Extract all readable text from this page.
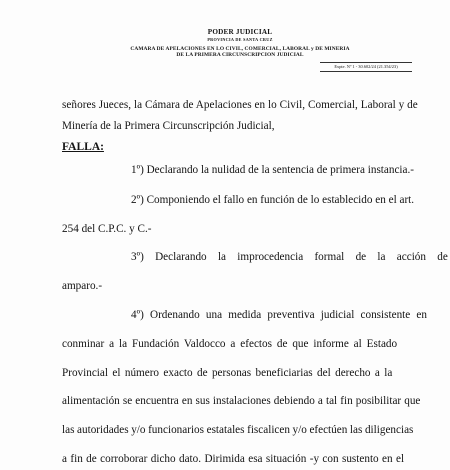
PODER JUDICIAL
PROVINCIA DE SANTA CRUZ
CAMARA DE APELACIONES EN LO CIVIL, COMERCIAL, LABORAL y DE MINERIA
DE LA PRIMERA CIRCUNSCRIPCION JUDICIAL
Expte. Nº 1 - 30.602/24 (21.354/23)
señores Jueces, la Cámara de Apelaciones en lo Civil, Comercial, Laboral y de
Minería de la Primera Circunscripción Judicial,
FALLA:
1º) Declarando la nulidad de la sentencia de primera instancia.-
2º) Componiendo el fallo en función de lo establecido en el art.
254 del C.P.C. y C.-
3º) Declarando la improcedencia formal de la acción de
amparo.-
4º) Ordenando una medida preventiva judicial consistente en
conminar a la Fundación Valdocco a efectos de que informe al Estado
Provincial el número exacto de personas beneficiarias del derecho a la
alimentación se encuentra en sus instalaciones debiendo a tal fin posibilitar que
las autoridades y/o funcionarios estatales fiscalicen y/o efectúen las diligencias
a fin de corroborar dicho dato. Dirimida esa situación -y con sustento en el
